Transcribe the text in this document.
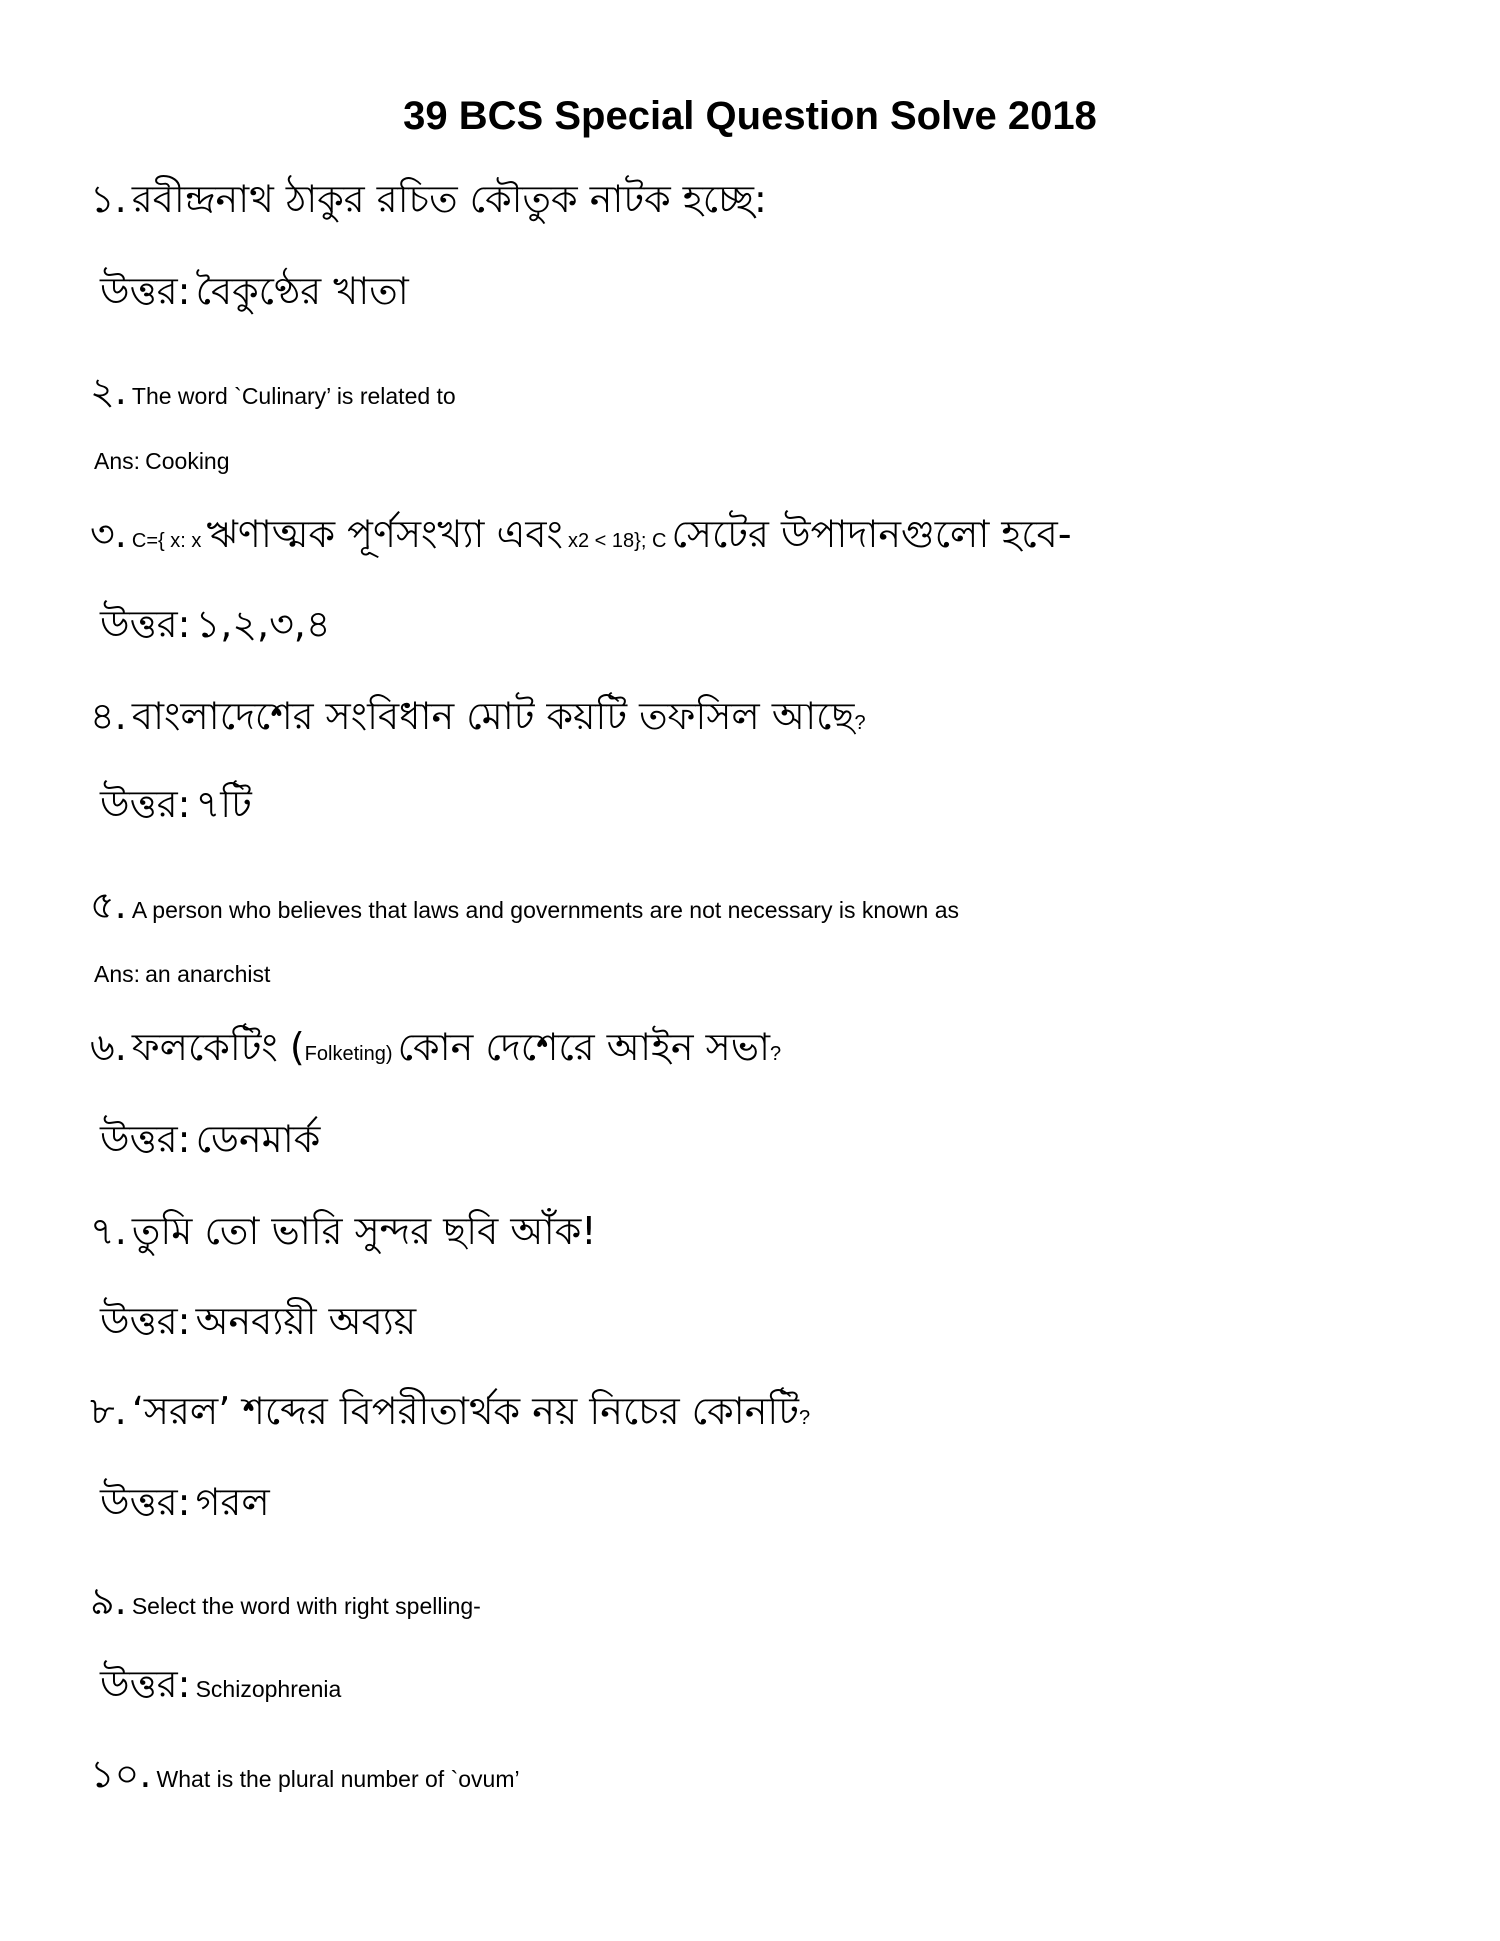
39 BCS Special Question Solve 2018
১. রবীন্দ্রনাথ ঠাকুর রচিত কৌতুক নাটক হচ্ছে:
উত্তর: বৈকুণ্ঠের খাতা
২. The word `Culinary’ is related to
Ans: Cooking
৩. C={ x: x ঋণাত্মক পূর্ণসংখ্যা এবং x2 < 18}; C সেটের উপাদানগুলো হবে-
উত্তর: ১,২,৩,৪
৪. বাংলাদেশের সংবিধান মোট কয়টি তফসিল আছে?
উত্তর: ৭টি
৫. A person who believes that laws and governments are not necessary is known as
Ans: an anarchist
৬. ফলকেটিং (Folketing) কোন দেশেরে আইন সভা?
উত্তর: ডেনমার্ক
৭. তুমি তো ভারি সুন্দর ছবি আঁক!
উত্তর: অনব্যয়ী অব্যয়
৮. ‘সরল’ শব্দের বিপরীতার্থক নয় নিচের কোনটি?
উত্তর: গরল
৯. Select the word with right spelling-
উত্তর: Schizophrenia
১০. What is the plural number of `ovum’
